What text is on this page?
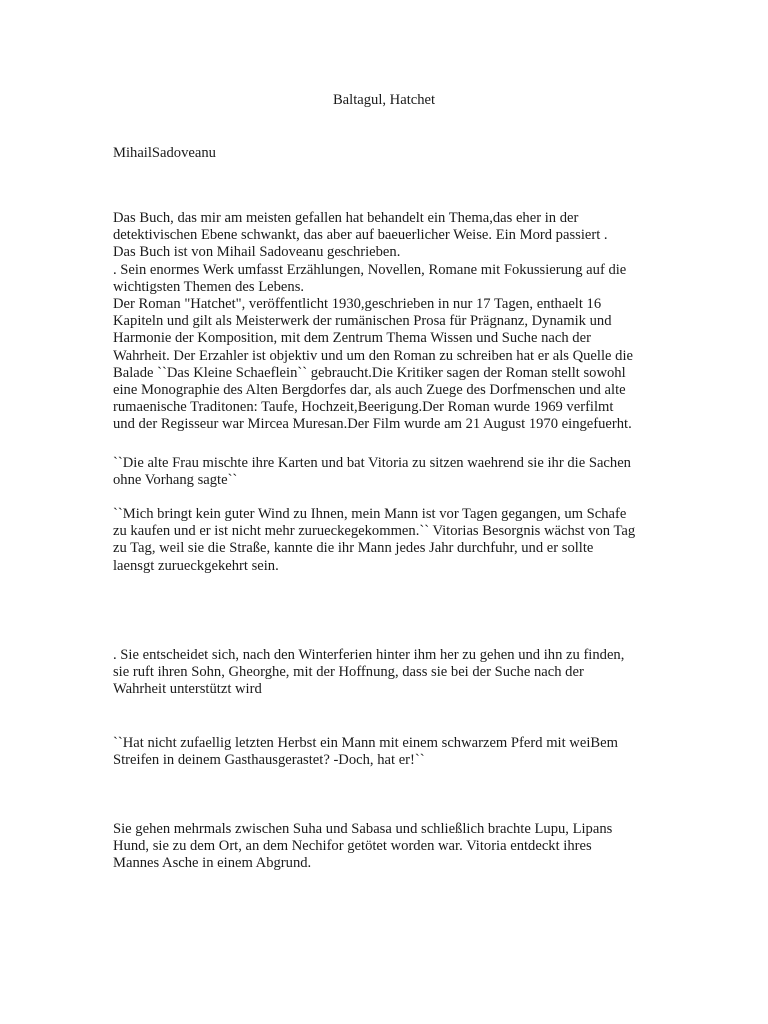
Baltagul, Hatchet

MihailSadoveanu

Das Buch, das mir am meisten gefallen hat behandelt ein Thema,das eher in der
detektivischen Ebene schwankt, das aber auf baeuerlicher Weise. Ein Mord passiert .
Das Buch ist von Mihail Sadoveanu geschrieben.
. Sein enormes Werk umfasst Erzählungen, Novellen, Romane mit Fokussierung auf die
wichtigsten Themen des Lebens.
Der Roman "Hatchet", veröffentlicht 1930,geschrieben in nur 17 Tagen, enthaelt 16
Kapiteln und gilt als Meisterwerk der rumänischen Prosa für Prägnanz, Dynamik und
Harmonie der Komposition, mit dem Zentrum Thema Wissen und Suche nach der
Wahrheit. Der Erzahler ist objektiv und um den Roman zu schreiben hat er als Quelle die
Balade ``Das Kleine Schaeflein`` gebraucht.Die Kritiker sagen der Roman stellt sowohl
eine Monographie des Alten Bergdorfes dar, als auch Zuege des Dorfmenschen und alte
rumaenische Traditonen: Taufe, Hochzeit,Beerigung.Der Roman wurde 1969 verfilmt
und der Regisseur war Mircea Muresan.Der Film wurde am 21 August 1970 eingefuerht.

``Die alte Frau mischte ihre Karten und bat Vitoria zu sitzen waehrend sie ihr die Sachen
ohne Vorhang sagte``

``Mich bringt kein guter Wind zu Ihnen, mein Mann ist vor Tagen gegangen, um Schafe
zu kaufen und er ist nicht mehr zurueckegekommen.`` Vitorias Besorgnis wächst von Tag
zu Tag, weil sie die Straße, kannte die ihr Mann jedes Jahr durchfuhr, und er sollte
laensgt zurueckgekehrt sein.

. Sie entscheidet sich, nach den Winterferien hinter ihm her zu gehen und ihn zu finden,
sie ruft ihren Sohn, Gheorghe, mit der Hoffnung, dass sie bei der Suche nach der
Wahrheit unterstützt wird

``Hat nicht zufaellig letzten Herbst ein Mann mit einem schwarzem Pferd mit weiBem
Streifen in deinem Gasthausgerastet? -Doch, hat er!``

Sie gehen mehrmals zwischen Suha und Sabasa und schließlich brachte Lupu, Lipans
Hund, sie zu dem Ort, an dem Nechifor getötet worden war. Vitoria entdeckt ihres
Mannes Asche in einem Abgrund.
